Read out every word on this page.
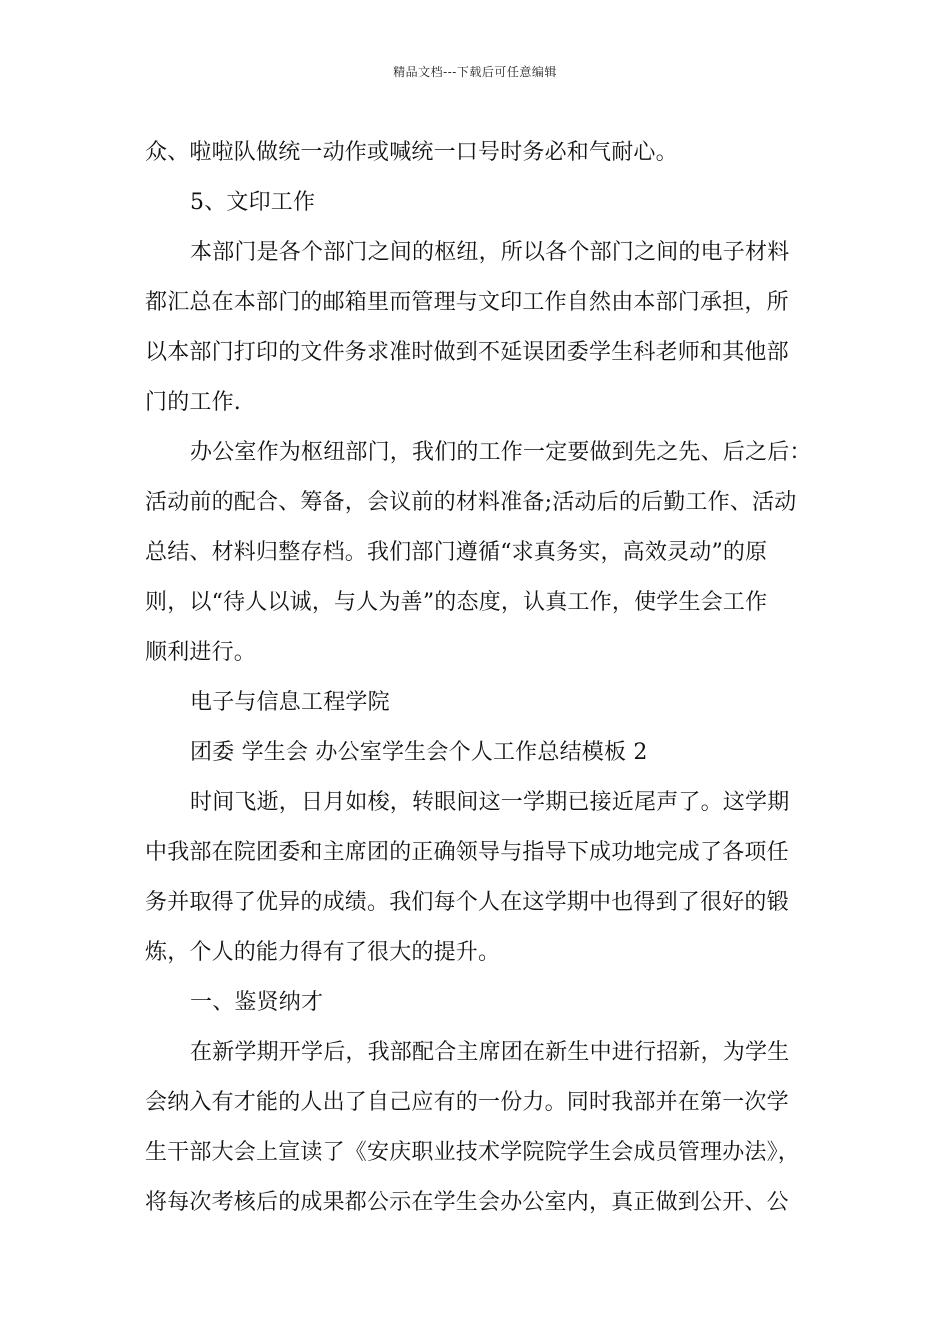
精品文档---下载后可任意编辑
众、啦啦队做统一动作或喊统一口号时务必和气耐心。
5、文印工作
本部门是各个部门之间的枢纽，所以各个部门之间的电子材料
都汇总在本部门的邮箱里而管理与文印工作自然由本部门承担，所
以本部门打印的文件务求准时做到不延误团委学生科老师和其他部
门的工作.
办公室作为枢纽部门，我们的工作一定要做到先之先、后之后：
活动前的配合、筹备，会议前的材料准备;活动后的后勤工作、活动
总结、材料归整存档。我们部门遵循“求真务实，高效灵动”的原
则，以“待人以诚，与人为善”的态度，认真工作，使学生会工作
顺利进行。
电子与信息工程学院
团委 学生会 办公室学生会个人工作总结模板 2
时间飞逝，日月如梭，转眼间这一学期已接近尾声了。这学期
中我部在院团委和主席团的正确领导与指导下成功地完成了各项任
务并取得了优异的成绩。我们每个人在这学期中也得到了很好的锻
炼，个人的能力得有了很大的提升。
一、鉴贤纳才
在新学期开学后，我部配合主席团在新生中进行招新，为学生
会纳入有才能的人出了自己应有的一份力。同时我部并在第一次学
生干部大会上宣读了《安庆职业技术学院院学生会成员管理办法》，
将每次考核后的成果都公示在学生会办公室内，真正做到公开、公
